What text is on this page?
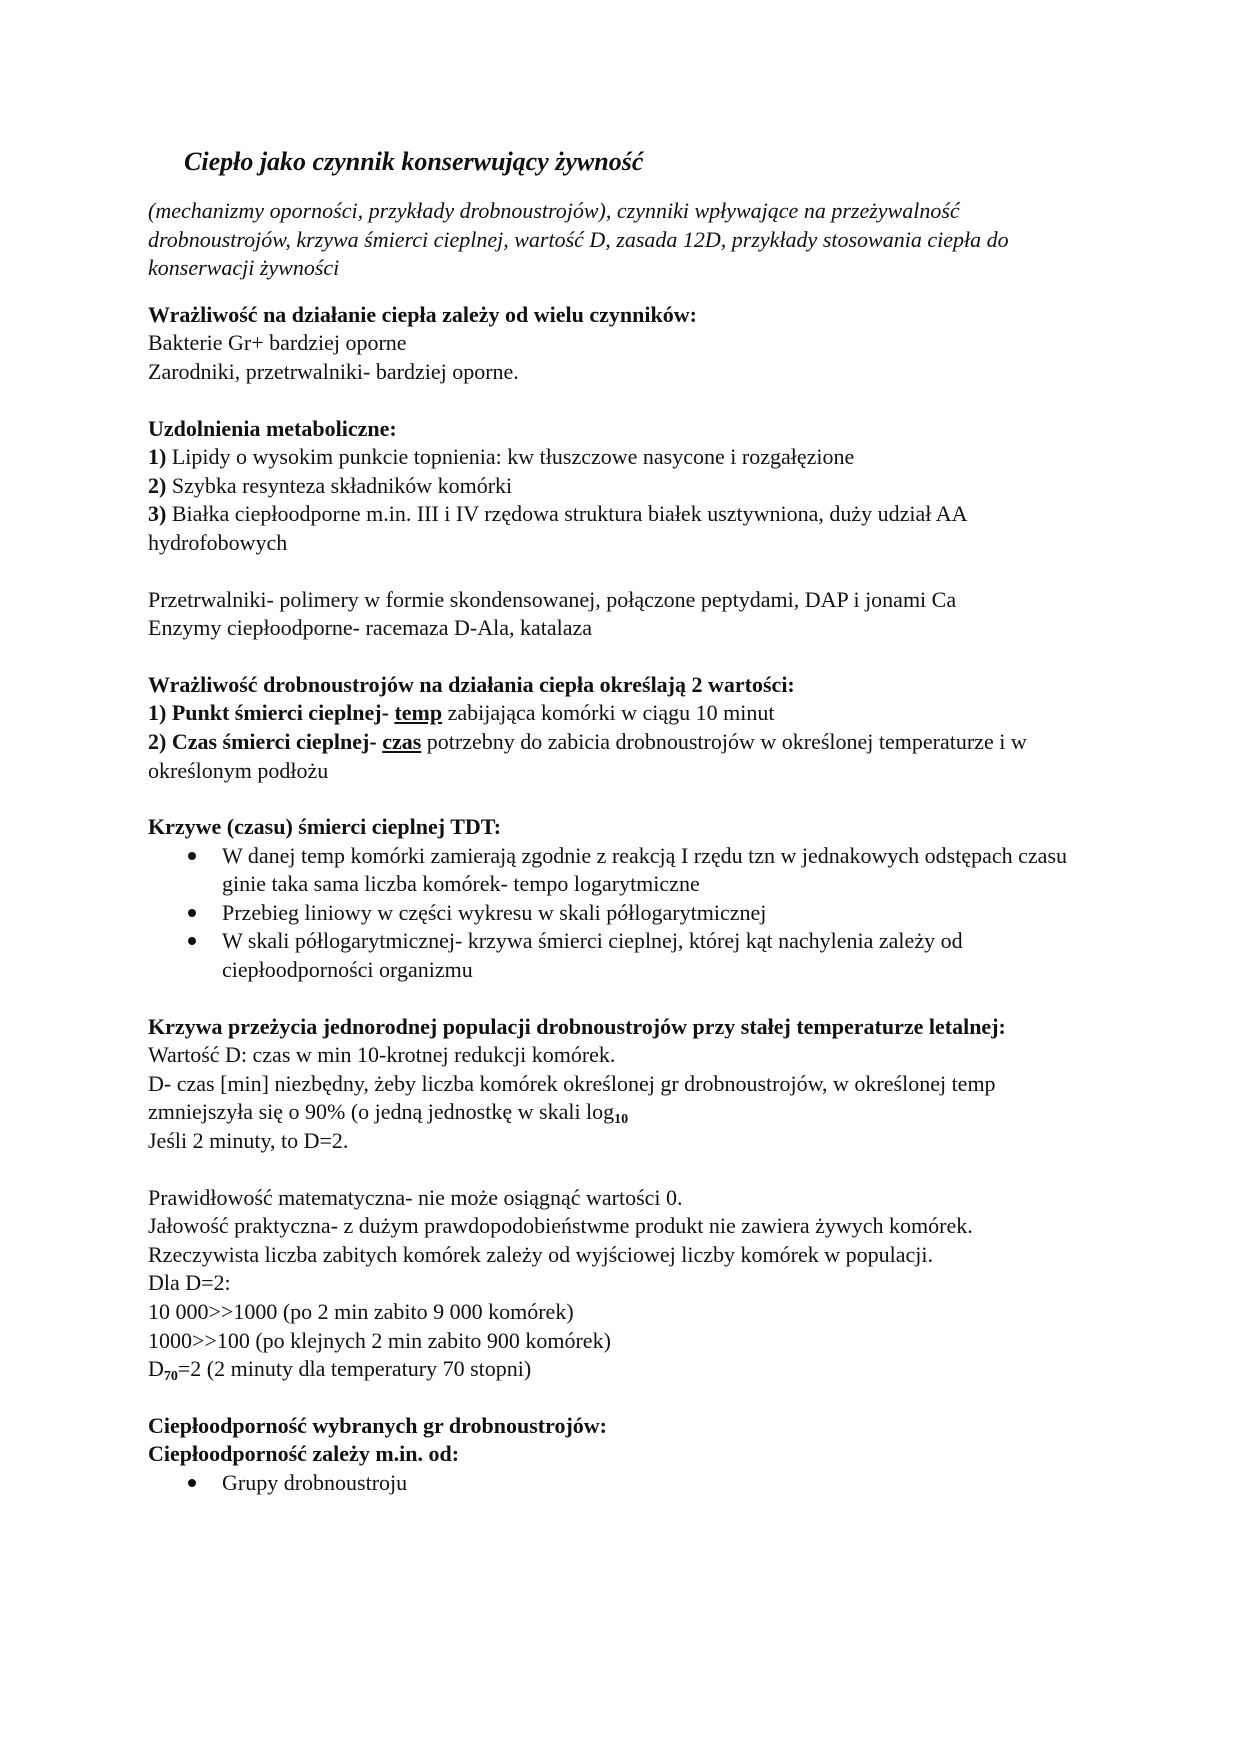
Ciepło jako czynnik konserwujący żywność

(mechanizmy oporności, przykłady drobnoustrojów), czynniki wpływające na przeżywalność drobnoustrojów, krzywa śmierci cieplnej, wartość D, zasada 12D, przykłady stosowania ciepła do konserwacji żywności

Wrażliwość na działanie ciepła zależy od wielu czynników:

Bakterie Gr+ bardziej oporne

Zarodniki, przetrwalniki- bardziej oporne.

Uzdolnienia metaboliczne:

1) Lipidy o wysokim punkcie topnienia: kw tłuszczowe nasycone i rozgałęzione

2) Szybka resynteza składników komórki

3) Białka ciepłoodporne m.in. III i IV rzędowa struktura białek usztywniona, duży udział AA hydrofobowych

Przetrwalniki- polimery w formie skondensowanej, połączone peptydami, DAP i jonami Ca

Enzymy ciepłoodporne- racemaza D-Ala, katalaza

Wrażliwość drobnoustrojów na działania ciepła określają 2 wartości:

1) Punkt śmierci cieplnej- temp zabijająca komórki w ciągu 10 minut

2) Czas śmierci cieplnej- czas potrzebny do zabicia drobnoustrojów w określonej temperaturze i w określonym podłożu

Krzywe (czasu) śmierci cieplnej TDT:

W danej temp komórki zamierają zgodnie z reakcją I rzędu tzn w jednakowych odstępach czasu ginie taka sama liczba komórek- tempo logarytmiczne
Przebieg liniowy w części wykresu w skali półlogarytmicznej
W skali półlogarytmicznej- krzywa śmierci cieplnej, której kąt nachylenia zależy od ciepłoodporności organizmu

Krzywa przeżycia jednorodnej populacji drobnoustrojów przy stałej temperaturze letalnej:

Wartość D: czas w min 10-krotnej redukcji komórek.

D- czas [min] niezbędny, żeby liczba komórek określonej gr drobnoustrojów, w określonej temp zmniejszyła się o 90% (o jedną jednostkę w skali $\log_{10}$

Jeśli 2 minuty, to D=2.

Prawidłowość matematyczna- nie może osiągnąć wartości 0.

Jałowość praktyczna- z dużym prawdopodobieństwme produkt nie zawiera żywych komórek.

Rzeczywista liczba zabitych komórek zależy od wyjściowej liczby komórek w populacji.

Dla D=2:

10 000>>1000 (po 2 min zabito 9 000 komórek)

1000>>100 (po klejnych 2 min zabito 900 komórek)

$D_{70}=2$ (2 minuty dla temperatury 70 stopni)

Ciepłoodporność wybranych gr drobnoustrojów:

Ciepłoodporność zależy m.in. od:

Grupy drobnoustroju
